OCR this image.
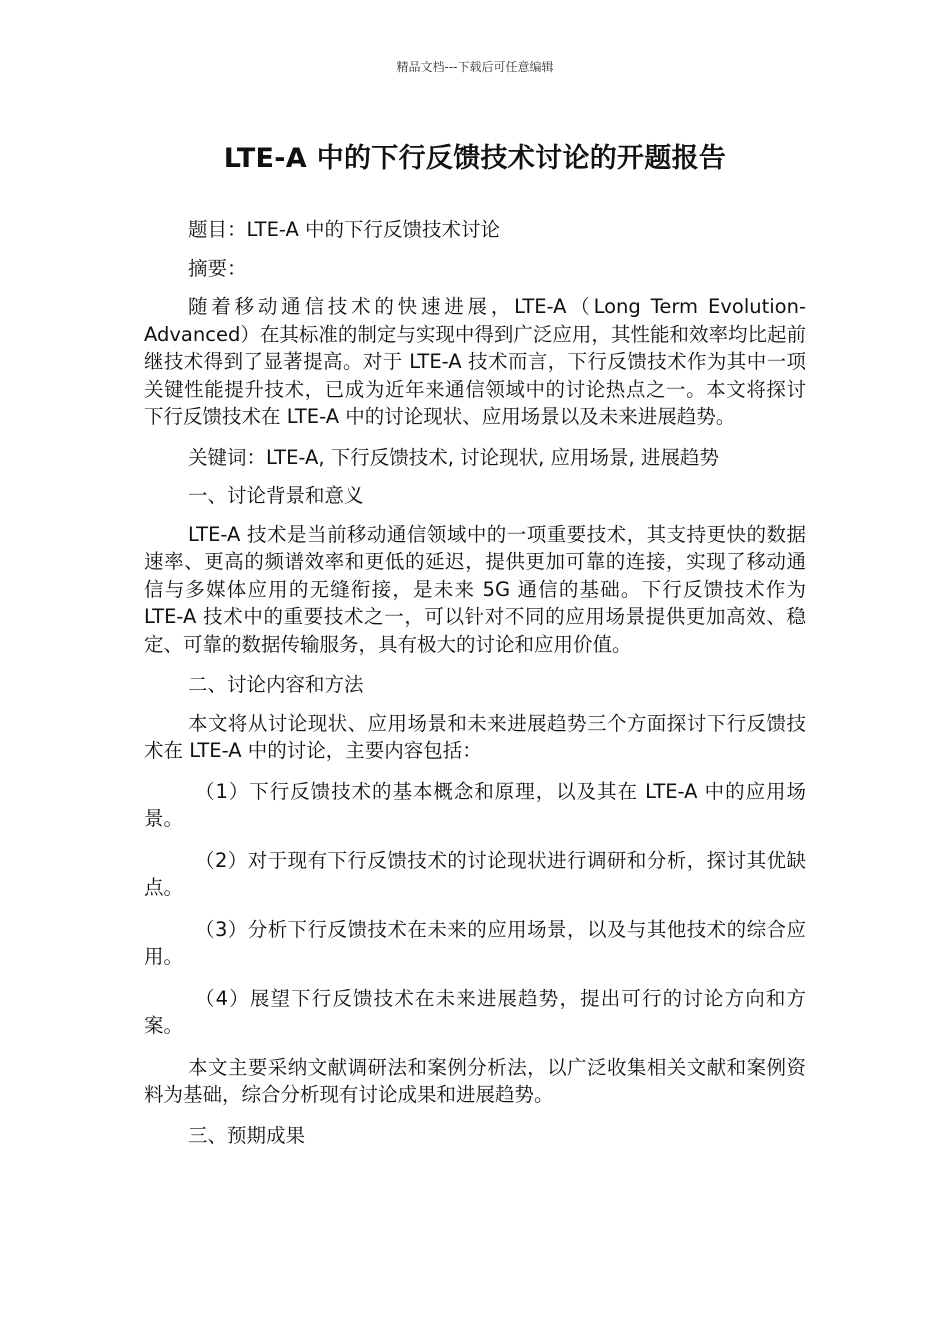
精品文档---下载后可任意编辑
LTE-A 中的下行反馈技术讨论的开题报告

题目：LTE-A 中的下行反馈技术讨论

摘要：

随着移动通信技术的快速进展，LTE-A（Long Term Evolution-Advanced）在其标准的制定与实现中得到广泛应用，其性能和效率均比起前继技术得到了显著提高。对于 LTE-A 技术而言，下行反馈技术作为其中一项关键性能提升技术，已成为近年来通信领域中的讨论热点之一。本文将探讨下行反馈技术在 LTE-A 中的讨论现状、应用场景以及未来进展趋势。

关键词：LTE-A, 下行反馈技术, 讨论现状, 应用场景, 进展趋势

一、讨论背景和意义

LTE-A 技术是当前移动通信领域中的一项重要技术，其支持更快的数据速率、更高的频谱效率和更低的延迟，提供更加可靠的连接，实现了移动通信与多媒体应用的无缝衔接，是未来 5G 通信的基础。下行反馈技术作为 LTE-A 技术中的重要技术之一，可以针对不同的应用场景提供更加高效、稳定、可靠的数据传输服务，具有极大的讨论和应用价值。

二、讨论内容和方法

本文将从讨论现状、应用场景和未来进展趋势三个方面探讨下行反馈技术在 LTE-A 中的讨论，主要内容包括：

（1）下行反馈技术的基本概念和原理，以及其在 LTE-A 中的应用场景。

（2）对于现有下行反馈技术的讨论现状进行调研和分析，探讨其优缺点。

（3）分析下行反馈技术在未来的应用场景，以及与其他技术的综合应用。

（4）展望下行反馈技术在未来进展趋势，提出可行的讨论方向和方案。

本文主要采纳文献调研法和案例分析法，以广泛收集相关文献和案例资料为基础，综合分析现有讨论成果和进展趋势。

三、预期成果
